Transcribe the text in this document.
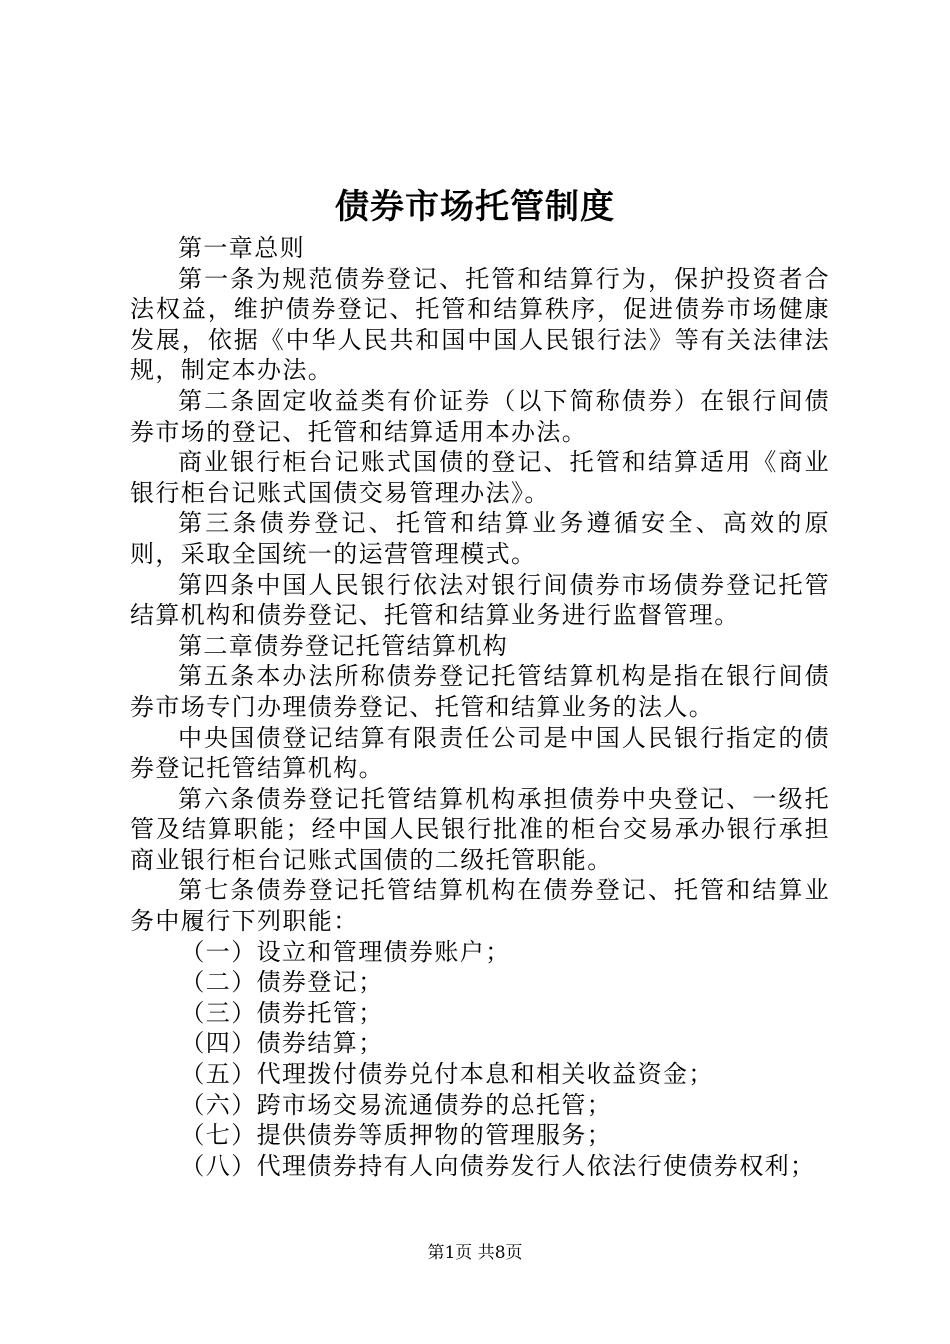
债券市场托管制度

第一章总则

第一条为规范债券登记、托管和结算行为，保护投资者合法权益，维护债券登记、托管和结算秩序，促进债券市场健康发展，依据《中华人民共和国中国人民银行法》等有关法律法规，制定本办法。

第二条固定收益类有价证券（以下简称债券）在银行间债券市场的登记、托管和结算适用本办法。

商业银行柜台记账式国债的登记、托管和结算适用《商业银行柜台记账式国债交易管理办法》。

第三条债券登记、托管和结算业务遵循安全、高效的原则，采取全国统一的运营管理模式。

第四条中国人民银行依法对银行间债券市场债券登记托管结算机构和债券登记、托管和结算业务进行监督管理。

第二章债券登记托管结算机构

第五条本办法所称债券登记托管结算机构是指在银行间债券市场专门办理债券登记、托管和结算业务的法人。

中央国债登记结算有限责任公司是中国人民银行指定的债券登记托管结算机构。

第六条债券登记托管结算机构承担债券中央登记、一级托管及结算职能；经中国人民银行批准的柜台交易承办银行承担商业银行柜台记账式国债的二级托管职能。

第七条债券登记托管结算机构在债券登记、托管和结算业务中履行下列职能：

（一）设立和管理债券账户；

（二）债券登记；

（三）债券托管；

（四）债券结算；

（五）代理拨付债券兑付本息和相关收益资金；

（六）跨市场交易流通债券的总托管；

（七）提供债券等质押物的管理服务；

（八）代理债券持有人向债券发行人依法行使债券权利；

第1页 共8页
